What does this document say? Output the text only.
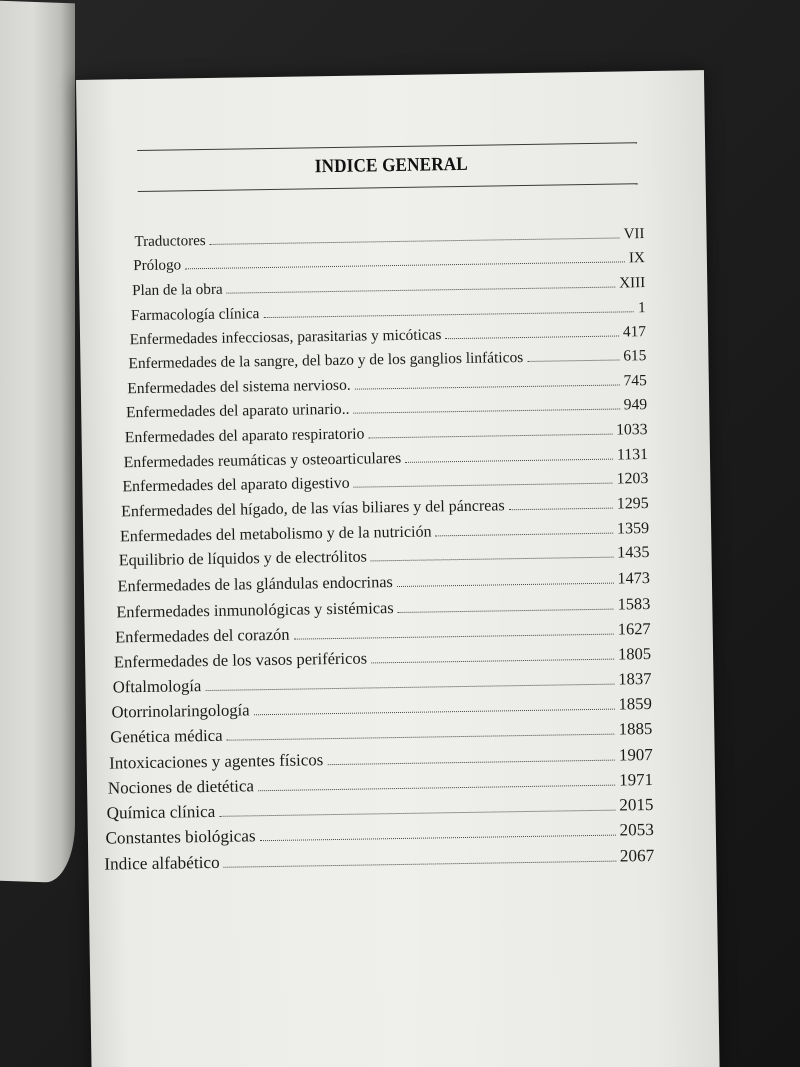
INDICE GENERAL
Traductores	VII
Prólogo	IX
Plan de la obra	XIII
Farmacología clínica	1
Enfermedades infecciosas, parasitarias y micóticas	417
Enfermedades de la sangre, del bazo y de los ganglios linfáticos	615
Enfermedades del sistema nervioso.	745
Enfermedades del aparato urinario..	949
Enfermedades del aparato respiratorio	1033
Enfermedades reumáticas y osteoarticulares	1131
Enfermedades del aparato digestivo	1203
Enfermedades del hígado, de las vías biliares y del páncreas	1295
Enfermedades del metabolismo y de la nutrición	1359
Equilibrio de líquidos y de electrólitos	1435
Enfermedades de las glándulas endocrinas	1473
Enfermedades inmunológicas y sistémicas	1583
Enfermedades del corazón	1627
Enfermedades de los vasos periféricos	1805
Oftalmología	1837
Otorrinolaringología	1859
Genética médica	1885
Intoxicaciones y agentes físicos	1907
Nociones de dietética	1971
Química clínica	2015
Constantes biológicas	2053
Indice alfabético	2067
